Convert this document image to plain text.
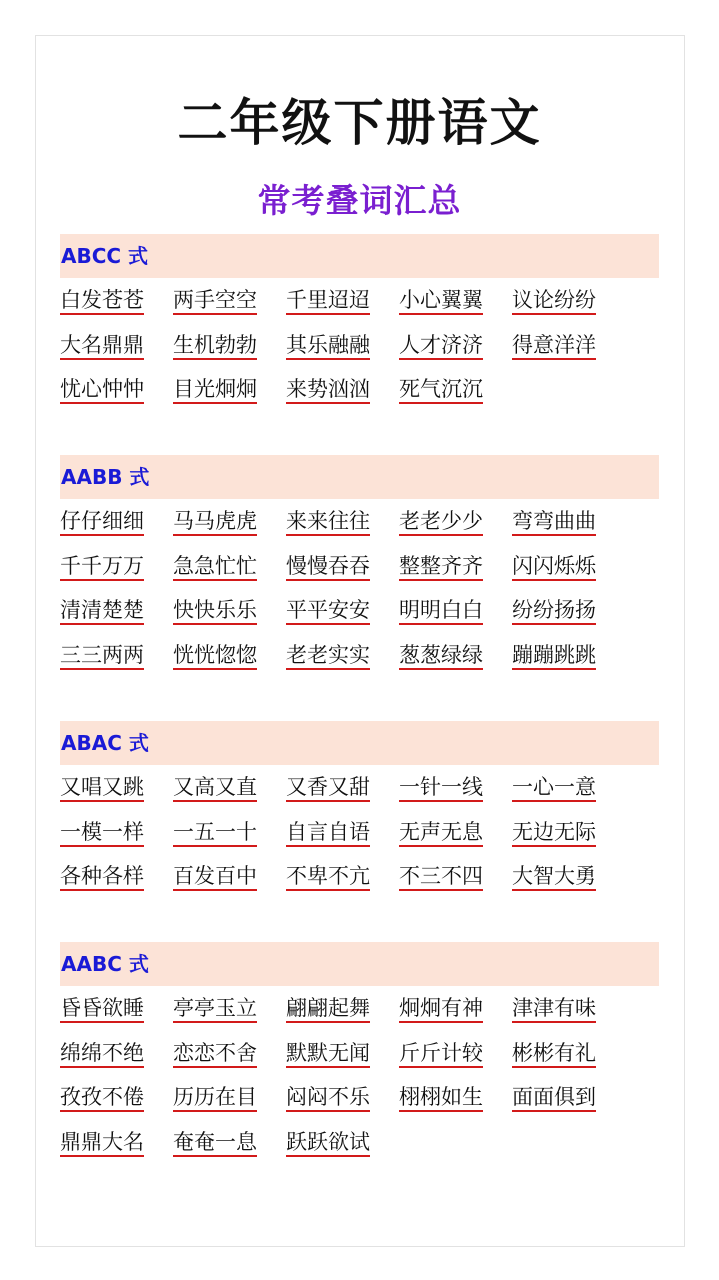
二年级下册语文
常考叠词汇总
ABCC 式
白发苍苍	两手空空	千里迢迢	小心翼翼	议论纷纷
大名鼎鼎	生机勃勃	其乐融融	人才济济	得意洋洋
忧心忡忡	目光炯炯	来势汹汹	死气沉沉
AABB 式
仔仔细细	马马虎虎	来来往往	老老少少	弯弯曲曲
千千万万	急急忙忙	慢慢吞吞	整整齐齐	闪闪烁烁
清清楚楚	快快乐乐	平平安安	明明白白	纷纷扬扬
三三两两	恍恍惚惚	老老实实	葱葱绿绿	蹦蹦跳跳
ABAC 式
又唱又跳	又高又直	又香又甜	一针一线	一心一意
一模一样	一五一十	自言自语	无声无息	无边无际
各种各样	百发百中	不卑不亢	不三不四	大智大勇
AABC 式
昏昏欲睡	亭亭玉立	翩翩起舞	炯炯有神	津津有味
绵绵不绝	恋恋不舍	默默无闻	斤斤计较	彬彬有礼
孜孜不倦	历历在目	闷闷不乐	栩栩如生	面面俱到
鼎鼎大名	奄奄一息	跃跃欲试
